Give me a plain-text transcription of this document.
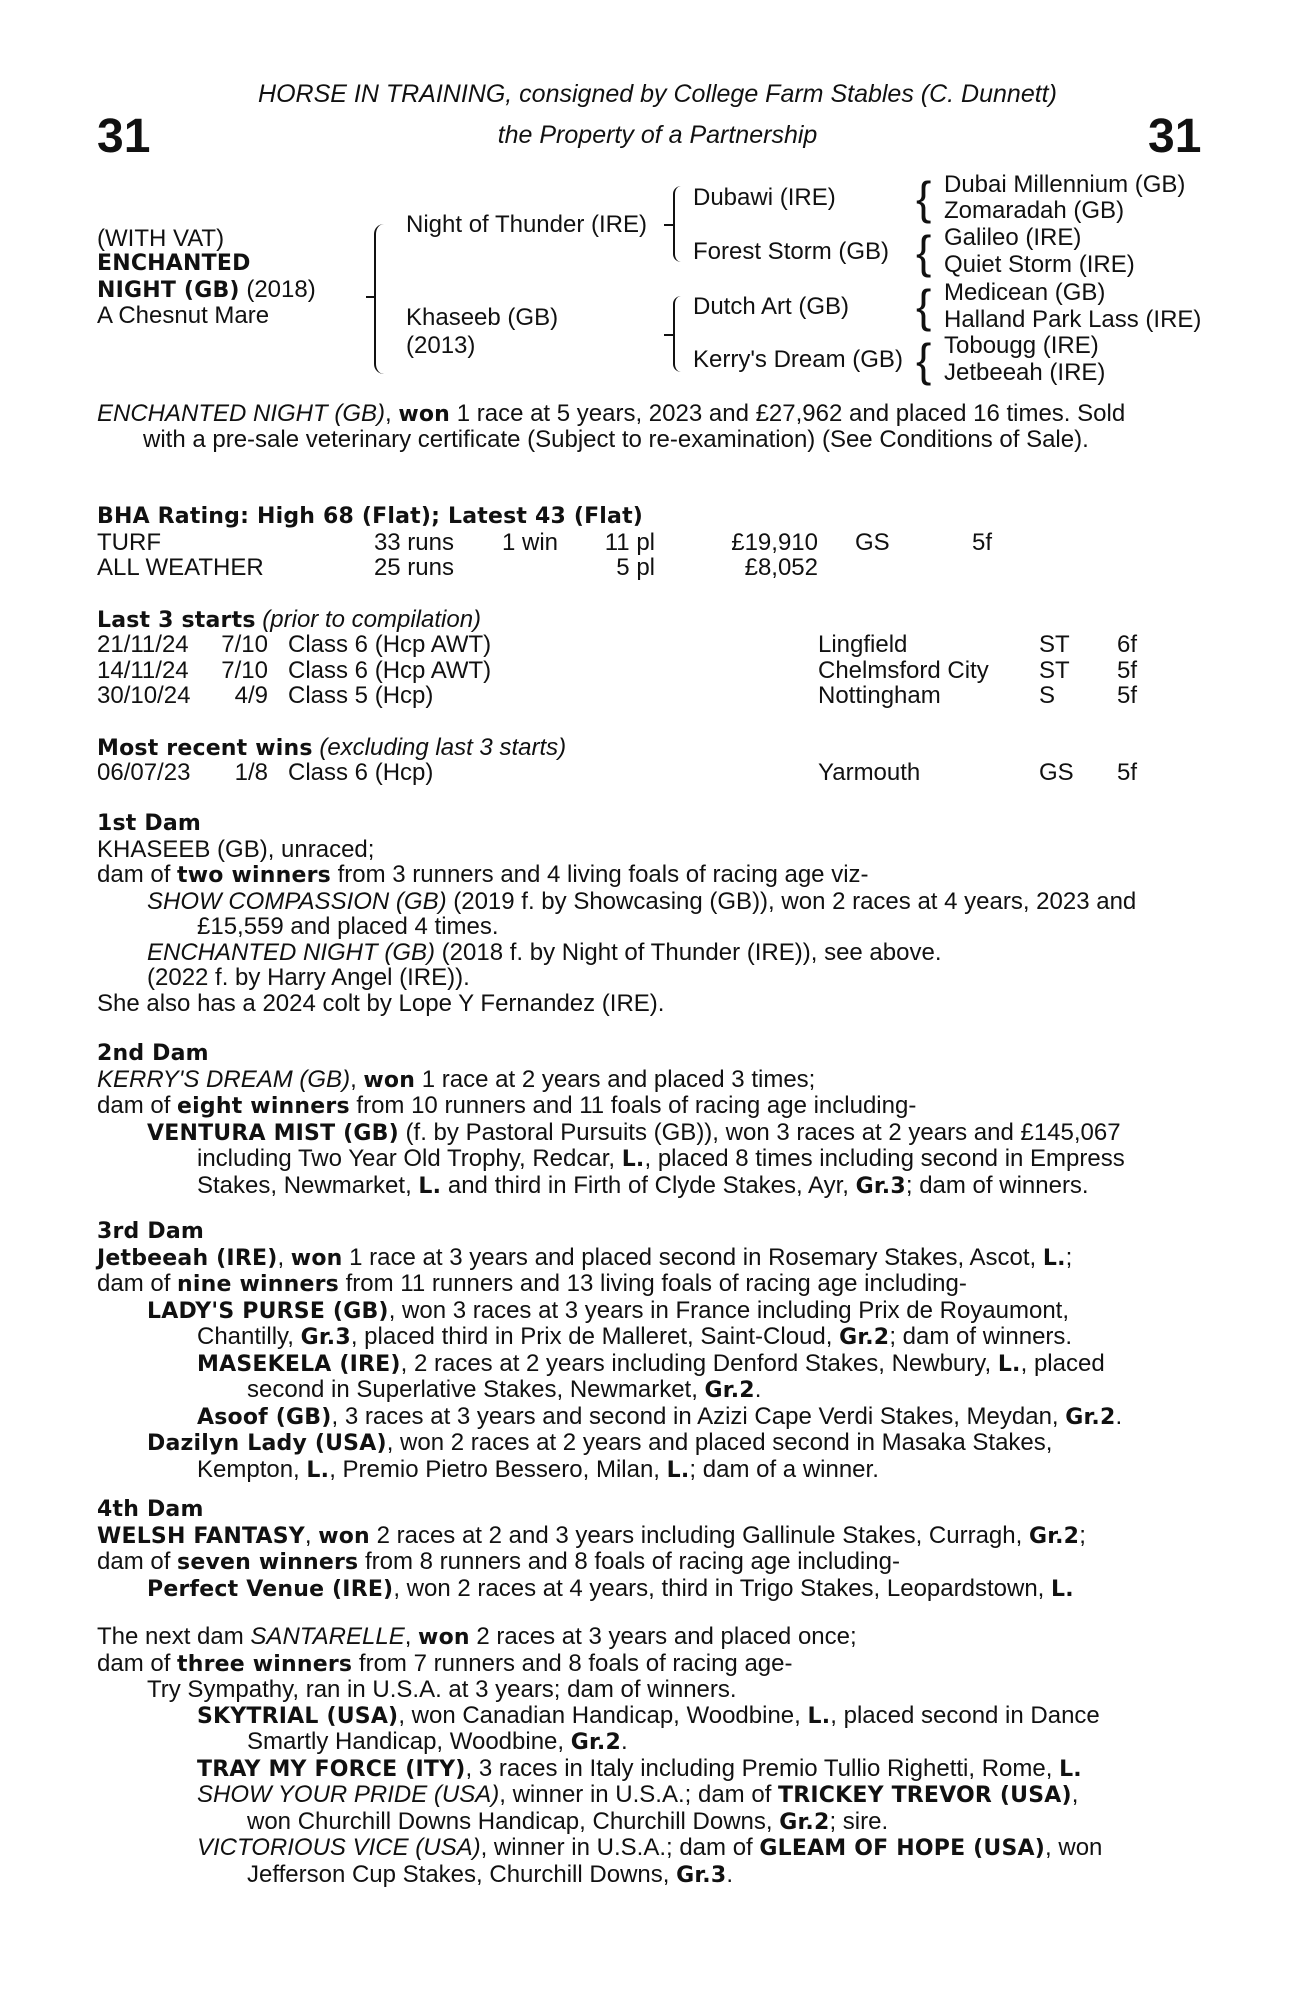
31	31
HORSE IN TRAINING, consigned by College Farm Stables (C. Dunnett)
the Property of a Partnership
(WITH VAT)
ENCHANTED
NIGHT (GB) (2018)
A Chesnut Mare
Night of Thunder (IRE)
Khaseeb (GB)
(2013)
Dubawi (IRE)
Forest Storm (GB)
Dutch Art (GB)
Kerry's Dream (GB)
{
{
{
{
Dubai Millennium (GB)
Zomaradah (GB)
Galileo (IRE)
Quiet Storm (IRE)
Medicean (GB)
Halland Park Lass (IRE)
Tobougg (IRE)
Jetbeeah (IRE)
ENCHANTED NIGHT (GB), won 1 race at 5 years, 2023 and £27,962 and placed 16 times. Sold
with a pre-sale veterinary certificate (Subject to re-examination) (See Conditions of Sale).
BHA Rating: High 68 (Flat); Latest 43 (Flat)
TURF	33 runs 1 win 11 pl	£19,910 GS	5f
ALL WEATHER	25 runs	5 pl	£8,052
Last 3 starts (prior to compilation)
21/11/24 7/10 Class 6 (Hcp AWT)	Lingfield	ST 6f
14/11/24 7/10 Class 6 (Hcp AWT)	Chelmsford City ST 5f
30/10/24 4/9 Class 5 (Hcp)	Nottingham	S	5f
Most recent wins (excluding last 3 starts)
06/07/23 1/8 Class 6 (Hcp)	Yarmouth	GS 5f
1st Dam
KHASEEB (GB), unraced;
dam of two winners from 3 runners and 4 living foals of racing age viz-
SHOW COMPASSION (GB) (2019 f. by Showcasing (GB)), won 2 races at 4 years, 2023 and
£15,559 and placed 4 times.
ENCHANTED NIGHT (GB) (2018 f. by Night of Thunder (IRE)), see above.
(2022 f. by Harry Angel (IRE)).
She also has a 2024 colt by Lope Y Fernandez (IRE).
2nd Dam
KERRY'S DREAM (GB), won 1 race at 2 years and placed 3 times;
dam of eight winners from 10 runners and 11 foals of racing age including-
VENTURA MIST (GB) (f. by Pastoral Pursuits (GB)), won 3 races at 2 years and £145,067
including Two Year Old Trophy, Redcar, L., placed 8 times including second in Empress
Stakes, Newmarket, L. and third in Firth of Clyde Stakes, Ayr, Gr.3; dam of winners.
3rd Dam
Jetbeeah (IRE), won 1 race at 3 years and placed second in Rosemary Stakes, Ascot, L.;
dam of nine winners from 11 runners and 13 living foals of racing age including-
LADY'S PURSE (GB), won 3 races at 3 years in France including Prix de Royaumont,
Chantilly, Gr.3, placed third in Prix de Malleret, Saint-Cloud, Gr.2; dam of winners.
MASEKELA (IRE), 2 races at 2 years including Denford Stakes, Newbury, L., placed
second in Superlative Stakes, Newmarket, Gr.2.
Asoof (GB), 3 races at 3 years and second in Azizi Cape Verdi Stakes, Meydan, Gr.2.
Dazilyn Lady (USA), won 2 races at 2 years and placed second in Masaka Stakes,
Kempton, L., Premio Pietro Bessero, Milan, L.; dam of a winner.
4th Dam
WELSH FANTASY, won 2 races at 2 and 3 years including Gallinule Stakes, Curragh, Gr.2;
dam of seven winners from 8 runners and 8 foals of racing age including-
Perfect Venue (IRE), won 2 races at 4 years, third in Trigo Stakes, Leopardstown, L.
The next dam SANTARELLE, won 2 races at 3 years and placed once;
dam of three winners from 7 runners and 8 foals of racing age-
Try Sympathy, ran in U.S.A. at 3 years; dam of winners.
SKYTRIAL (USA), won Canadian Handicap, Woodbine, L., placed second in Dance
Smartly Handicap, Woodbine, Gr.2.
TRAY MY FORCE (ITY), 3 races in Italy including Premio Tullio Righetti, Rome, L.
SHOW YOUR PRIDE (USA), winner in U.S.A.; dam of TRICKEY TREVOR (USA),
won Churchill Downs Handicap, Churchill Downs, Gr.2; sire.
VICTORIOUS VICE (USA), winner in U.S.A.; dam of GLEAM OF HOPE (USA), won
Jefferson Cup Stakes, Churchill Downs, Gr.3.
